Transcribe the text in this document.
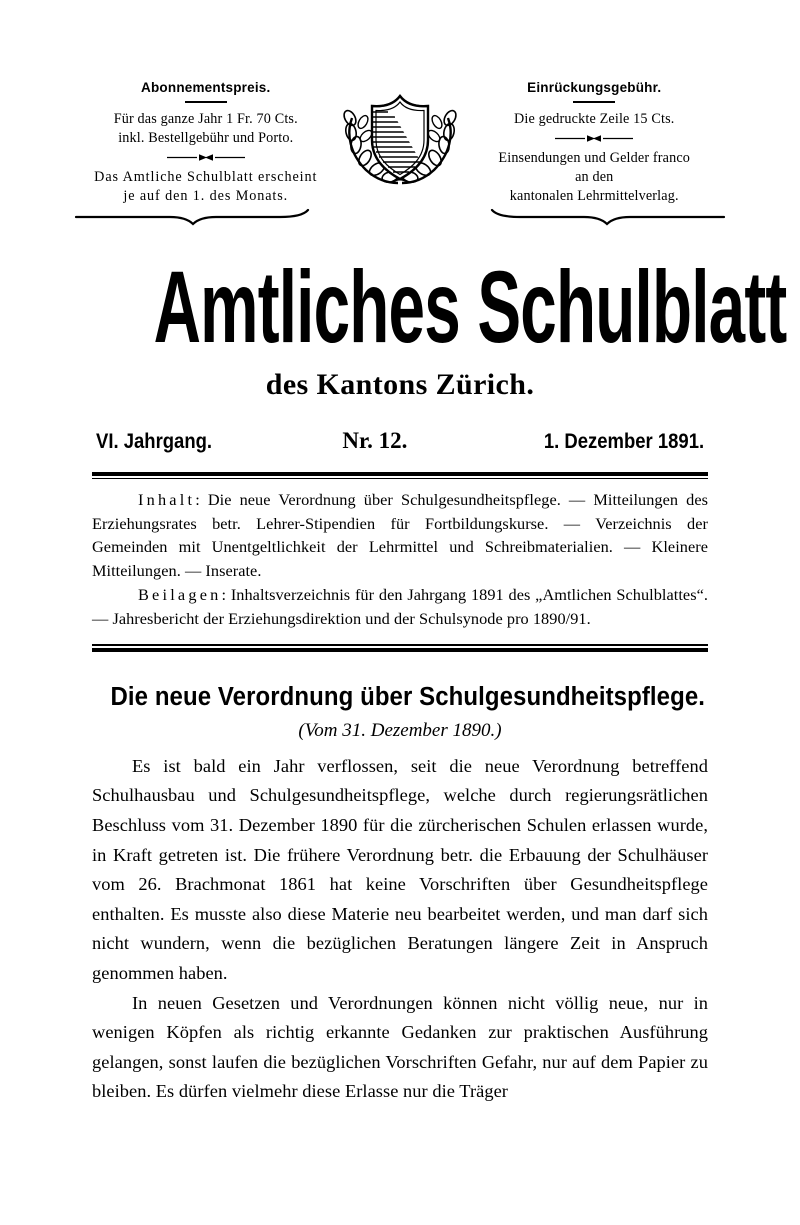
Abonnementspreis.
Für das ganze Jahr 1 Fr. 70 Cts.
inkl. Bestellgebühr und Porto.
Das Amtliche Schulblatt erscheint
je auf den 1. des Monats.
Einrückungsgebühr.
Die gedruckte Zeile 15 Cts.
Einsendungen und Gelder franco
an den
kantonalen Lehrmittelverlag.
Amtliches Schulblatt
des Kantons Zürich.
VI. Jahrgang.	Nr. 12.	1. Dezember 1891.

Inhalt: Die neue Verordnung über Schulgesundheitspflege. — Mitteilungen des Erziehungsrates betr. Lehrer-Stipendien für Fortbildungskurse. — Verzeichnis der Gemeinden mit Unentgeltlichkeit der Lehrmittel und Schreibmaterialien. — Kleinere Mitteilungen. — Inserate.

Beilagen: Inhaltsverzeichnis für den Jahrgang 1891 des „Amtlichen Schulblattes“. — Jahresbericht der Erziehungsdirektion und der Schulsynode pro 1890/91.

Die neue Verordnung über Schulgesundheitspflege.
(Vom 31. Dezember 1890.)

Es ist bald ein Jahr verflossen, seit die neue Verordnung betreffend Schulhausbau und Schulgesundheitspflege, welche durch regierungsrätlichen Beschluss vom 31. Dezember 1890 für die zürcherischen Schulen erlassen wurde, in Kraft getreten ist. Die frühere Verordnung betr. die Erbauung der Schulhäuser vom 26. Brachmonat 1861 hat keine Vorschriften über Gesundheitspflege enthalten. Es musste also diese Materie neu bearbeitet werden, und man darf sich nicht wundern, wenn die bezüglichen Beratungen längere Zeit in Anspruch genommen haben.

In neuen Gesetzen und Verordnungen können nicht völlig neue, nur in wenigen Köpfen als richtig erkannte Gedanken zur praktischen Ausführung gelangen, sonst laufen die bezüglichen Vorschriften Gefahr, nur auf dem Papier zu bleiben. Es dürfen vielmehr diese Erlasse nur die Träger
